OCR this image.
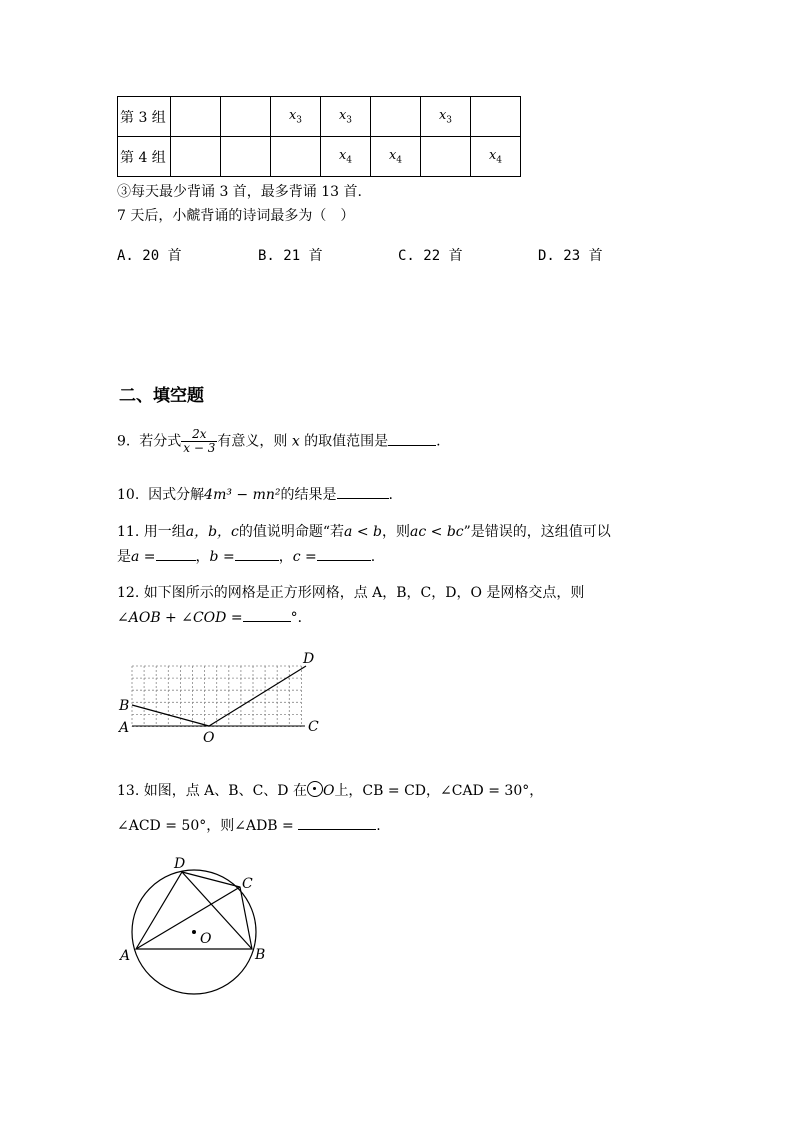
第 3 组			$x_3$	$x_3$		$x_3$	
第 4 组				$x_4$	$x_4$		$x_4$
③每天最少背诵 3 首，最多背诵 13 首.
7 天后，小虤背诵的诗词最多为（　）
A. 20 首	B. 21 首	C. 22 首	D. 23 首
二、填空题
9. 若分式 $\frac{2x}{x - 3}$ 有意义，则 x 的取值范围是	.
10. 因式分解4m³ − mn²的结果是	.
11. 用一组a，b，c的值说明命题“若a < b，则ac < bc”是错误的，这组值可以
是a =	，b =	，c =	.
12. 如下图所示的网格是正方形网格，点 A，B，C，D，O 是网格交点，则
∠AOB + ∠COD =	°．
B
A
O
C
D
13. 如图，点 A、B、C、D 在 O上，CB = CD，∠CAD = 30°，
∠ACD = 50°，则∠ADB =	.
D
C
A	B
O
